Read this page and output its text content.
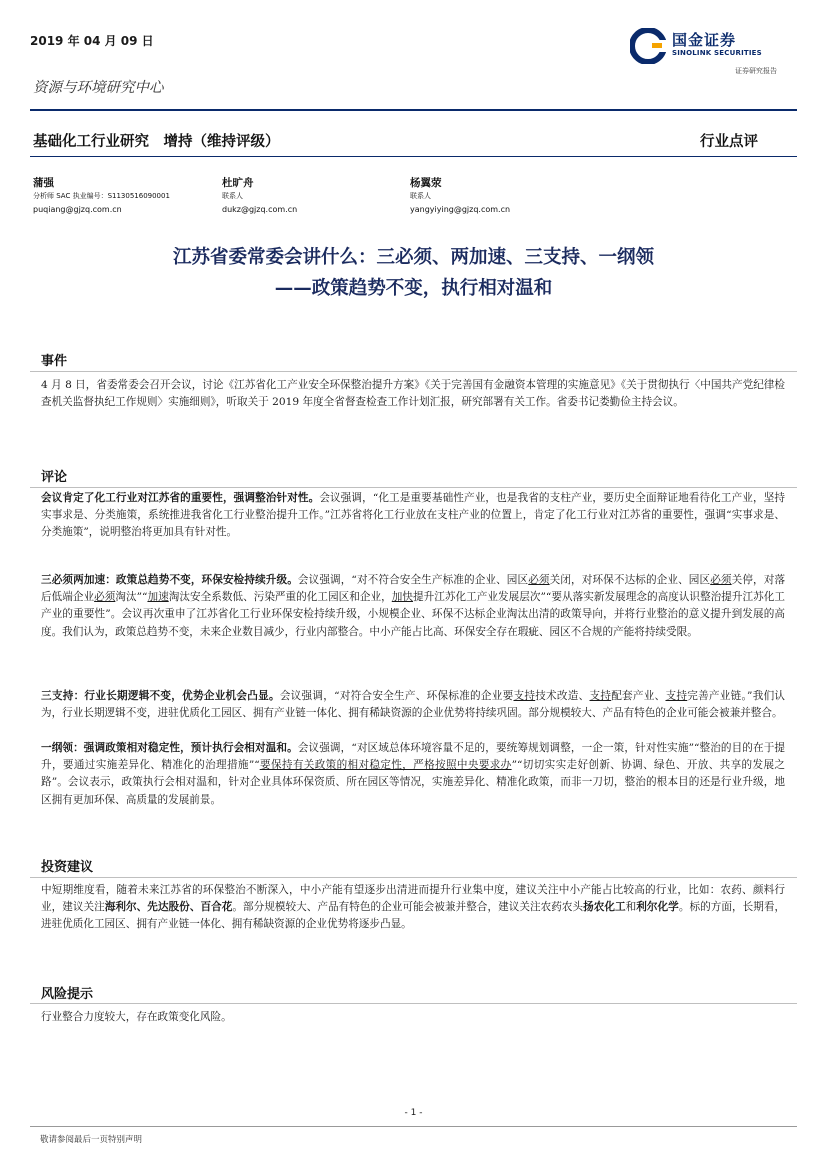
2019 年 04 月 09 日
资源与环境研究中心
国金证券
SINOLINK SECURITIES
证券研究报告
基础化工行业研究　增持（维持评级）	行业点评
蒲强
分析师 SAC 执业编号：S1130516090001
puqiang@gjzq.com.cn
杜旷舟
联系人
dukz@gjzq.com.cn
杨翼荥
联系人
yangyiying@gjzq.com.cn
江苏省委常委会讲什么：三必须、两加速、三支持、一纲领
——政策趋势不变，执行相对温和
事件
4 月 8 日，省委常委会召开会议，讨论《江苏省化工产业安全环保整治提升方案》《关于完善国有金融资本管理的实施意见》《关于贯彻执行〈中国共产党纪律检查机关监督执纪工作规则〉实施细则》，听取关于 2019 年度全省督查检查工作计划汇报，研究部署有关工作。省委书记娄勤俭主持会议。
评论
会议肯定了化工行业对江苏省的重要性，强调整治针对性。会议强调，“化工是重要基础性产业，也是我省的支柱产业，要历史全面辩证地看待化工产业，坚持实事求是、分类施策，系统推进我省化工行业整治提升工作。”江苏省将化工行业放在支柱产业的位置上，肯定了化工行业对江苏省的重要性，强调“实事求是、分类施策”，说明整治将更加具有针对性。
三必须两加速：政策总趋势不变，环保安检持续升级。会议强调，“对不符合安全生产标准的企业、园区必须关闭，对环保不达标的企业、园区必须关停，对落后低端企业必须淘汰”“加速淘汰安全系数低、污染严重的化工园区和企业，加快提升江苏化工产业发展层次”“要从落实新发展理念的高度认识整治提升江苏化工产业的重要性”。会议再次重申了江苏省化工行业环保安检持续升级，小规模企业、环保不达标企业淘汰出清的政策导向，并将行业整治的意义提升到发展的高度。我们认为，政策总趋势不变，未来企业数目减少，行业内部整合。中小产能占比高、环保安全存在瑕疵、园区不合规的产能将持续受限。
三支持：行业长期逻辑不变，优势企业机会凸显。会议强调，“对符合安全生产、环保标准的企业要支持技术改造、支持配套产业、支持完善产业链。”我们认为，行业长期逻辑不变，进驻优质化工园区、拥有产业链一体化、拥有稀缺资源的企业优势将持续巩固。部分规模较大、产品有特色的企业可能会被兼并整合。
一纲领：强调政策相对稳定性，预计执行会相对温和。会议强调，“对区域总体环境容量不足的，要统筹规划调整，一企一策，针对性实施”“整治的目的在于提升，要通过实施差异化、精准化的治理措施”“要保持有关政策的相对稳定性，严格按照中央要求办”“切切实实走好创新、协调、绿色、开放、共享的发展之路”。会议表示，政策执行会相对温和，针对企业具体环保资质、所在园区等情况，实施差异化、精准化政策，而非一刀切，整治的根本目的还是行业升级，地区拥有更加环保、高质量的发展前景。
投资建议
中短期维度看，随着未来江苏省的环保整治不断深入，中小产能有望逐步出清进而提升行业集中度，建议关注中小产能占比较高的行业，比如：农药、颜料行业，建议关注海利尔、先达股份、百合花。部分规模较大、产品有特色的企业可能会被兼并整合，建议关注农药农头扬农化工和利尔化学。标的方面，长期看，进驻优质化工园区、拥有产业链一体化、拥有稀缺资源的企业优势将逐步凸显。
风险提示
行业整合力度较大，存在政策变化风险。
- 1 -
敬请参阅最后一页特别声明
